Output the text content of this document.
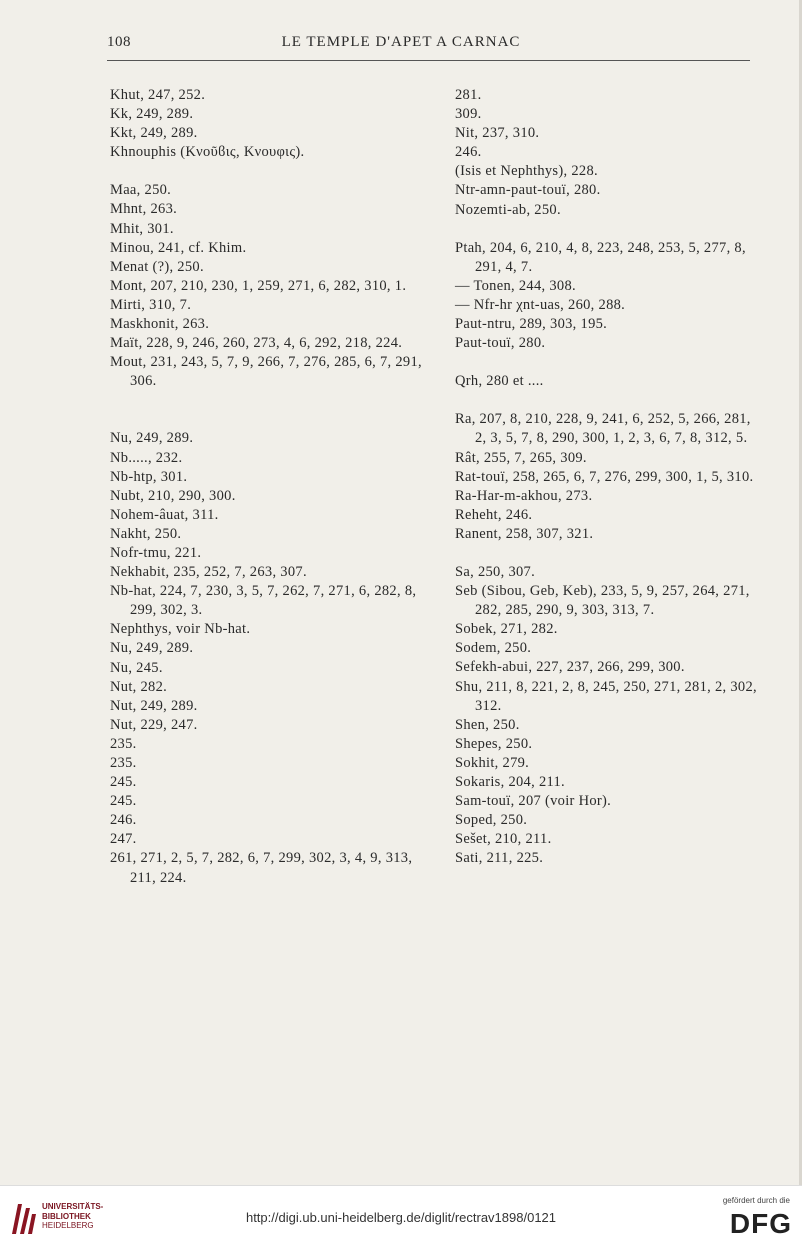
LE TEMPLE D'APET A CARNAC
108
Khut, 247, 252.
Kk, 249, 289.
Kkt, 249, 289.
Khnouphis (Κνοῦϐις, Κνουφις).
Maa, 250.
Mhnt, 263.
Mhit, 301.
Minou, 241, cf. Khim.
Menat (?), 250.
Mont, 207, 210, 230, 1, 259, 271, 6, 282, 310, 1.
Mirti, 310, 7.
Maskhonit, 263.
Maït, 228, 9, 246, 260, 273, 4, 6, 292, 218, 224.
Mout, 231, 243, 5, 7, 9, 266, 7, 276, 285, 6, 7, 291, 306.
Nu, 249, 289.
Nb....., 232.
Nb-htp, 301.
Nubt, 210, 290, 300.
Nohem-âuat, 311.
Nakht, 250.
Nofr-tmu, 221.
Nekhabit, 235, 252, 7, 263, 307.
Nb-hat, 224, 7, 230, 3, 5, 7, 262, 7, 271, 6, 282, 8, 299, 302, 3.
Nephthys, voir Nb-hat.
Nu, 249, 289.
Nu, 245.
Nut, 282.
Nut, 249, 289.
Nut, 229, 247.
235.
235.
245.
245.
246.
247.
261, 271, 2, 5, 7, 282, 6, 7, 299, 302, 3, 4, 9, 313, 211, 224.
281.
309.
Nit, 237, 310.
246.
(Isis et Nephthys), 228.
Ntr-amn-paut-touï, 280.
Nozemti-ab, 250.
Ptah, 204, 6, 210, 4, 8, 223, 248, 253, 5, 277, 8, 291, 4, 7.
— Tonen, 244, 308.
— Nfr-hr χnt-uas, 260, 288.
Paut-ntru, 289, 303, 195.
Paut-touï, 280.
Qrh, 280 et ....
Ra, 207, 8, 210, 228, 9, 241, 6, 252, 5, 266, 281, 2, 3, 5, 7, 8, 290, 300, 1, 2, 3, 6, 7, 8, 312, 5.
Rât, 255, 7, 265, 309.
Rat-touï, 258, 265, 6, 7, 276, 299, 300, 1, 5, 310.
Ra-Har-m-akhou, 273.
Reheht, 246.
Ranent, 258, 307, 321.
Sa, 250, 307.
Seb (Sibou, Geb, Keb), 233, 5, 9, 257, 264, 271, 282, 285, 290, 9, 303, 313, 7.
Sobek, 271, 282.
Sodem, 250.
Sefekh-abui, 227, 237, 266, 299, 300.
Shu, 211, 8, 221, 2, 8, 245, 250, 271, 281, 2, 302, 312.
Shen, 250.
Shepes, 250.
Sokhit, 279.
Sokaris, 204, 211.
Sam-touï, 207 (voir Hor).
Soped, 250.
Sešet, 210, 211.
Sati, 211, 225.
UNIVERSITÄTS-
BIBLIOTHEK
HEIDELBERG
http://digi.ub.uni-heidelberg.de/diglit/rectrav1898/0121
gefördert durch die
DFG
